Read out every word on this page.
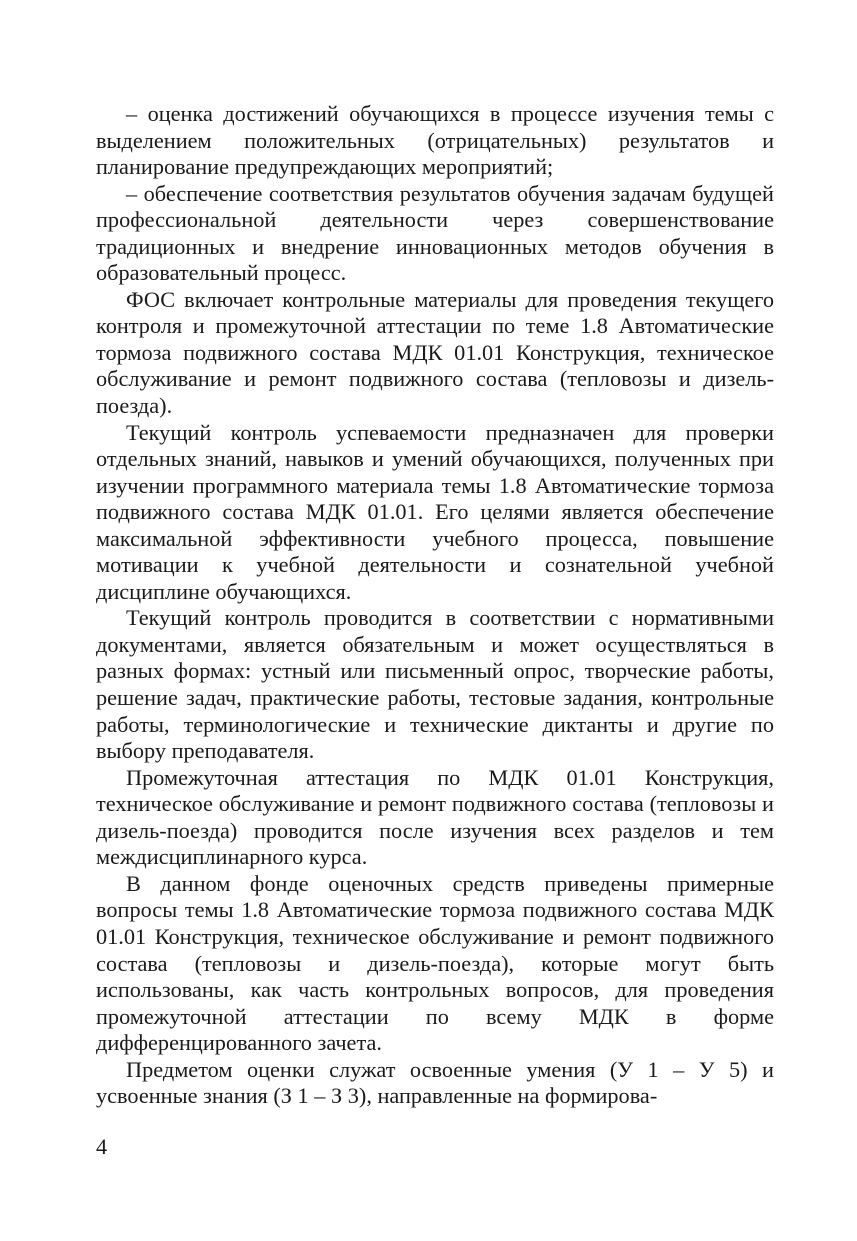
– оценка достижений обучающихся в процессе изучения темы с выделением положительных (отрицательных) результатов и планирование предупреждающих мероприятий;

– обеспечение соответствия результатов обучения задачам будущей профессиональной деятельности через совершенствование традиционных и внедрение инновационных методов обучения в образовательный процесс.

ФОС включает контрольные материалы для проведения текущего контроля и промежуточной аттестации по теме 1.8 Автоматические тормоза подвижного состава МДК 01.01 Конструкция, техническое обслуживание и ремонт подвижного состава (тепловозы и дизель-поезда).

Текущий контроль успеваемости предназначен для проверки отдельных знаний, навыков и умений обучающихся, полученных при изучении программного материала темы 1.8 Автоматические тормоза подвижного состава МДК 01.01. Его целями является обеспечение максимальной эффективности учебного процесса, повышение мотивации к учебной деятельности и сознательной учебной дисциплине обучающихся.

Текущий контроль проводится в соответствии с нормативными документами, является обязательным и может осуществляться в разных формах: устный или письменный опрос, творческие работы, решение задач, практические работы, тестовые задания, контрольные работы, терминологические и технические диктанты и другие по выбору преподавателя.

Промежуточная аттестация по МДК 01.01 Конструкция, техническое обслуживание и ремонт подвижного состава (тепловозы и дизель-поезда) проводится после изучения всех разделов и тем междисциплинарного курса.

В данном фонде оценочных средств приведены примерные вопросы темы 1.8 Автоматические тормоза подвижного состава МДК 01.01 Конструкция, техническое обслуживание и ремонт подвижного состава (тепловозы и дизель-поезда), которые могут быть использованы, как часть контрольных вопросов, для проведения промежуточной аттестации по всему МДК в форме дифференцированного зачета.

Предметом оценки служат освоенные умения (У 1 – У 5) и усвоенные знания (З 1 – З 3), направленные на формирова-

4
